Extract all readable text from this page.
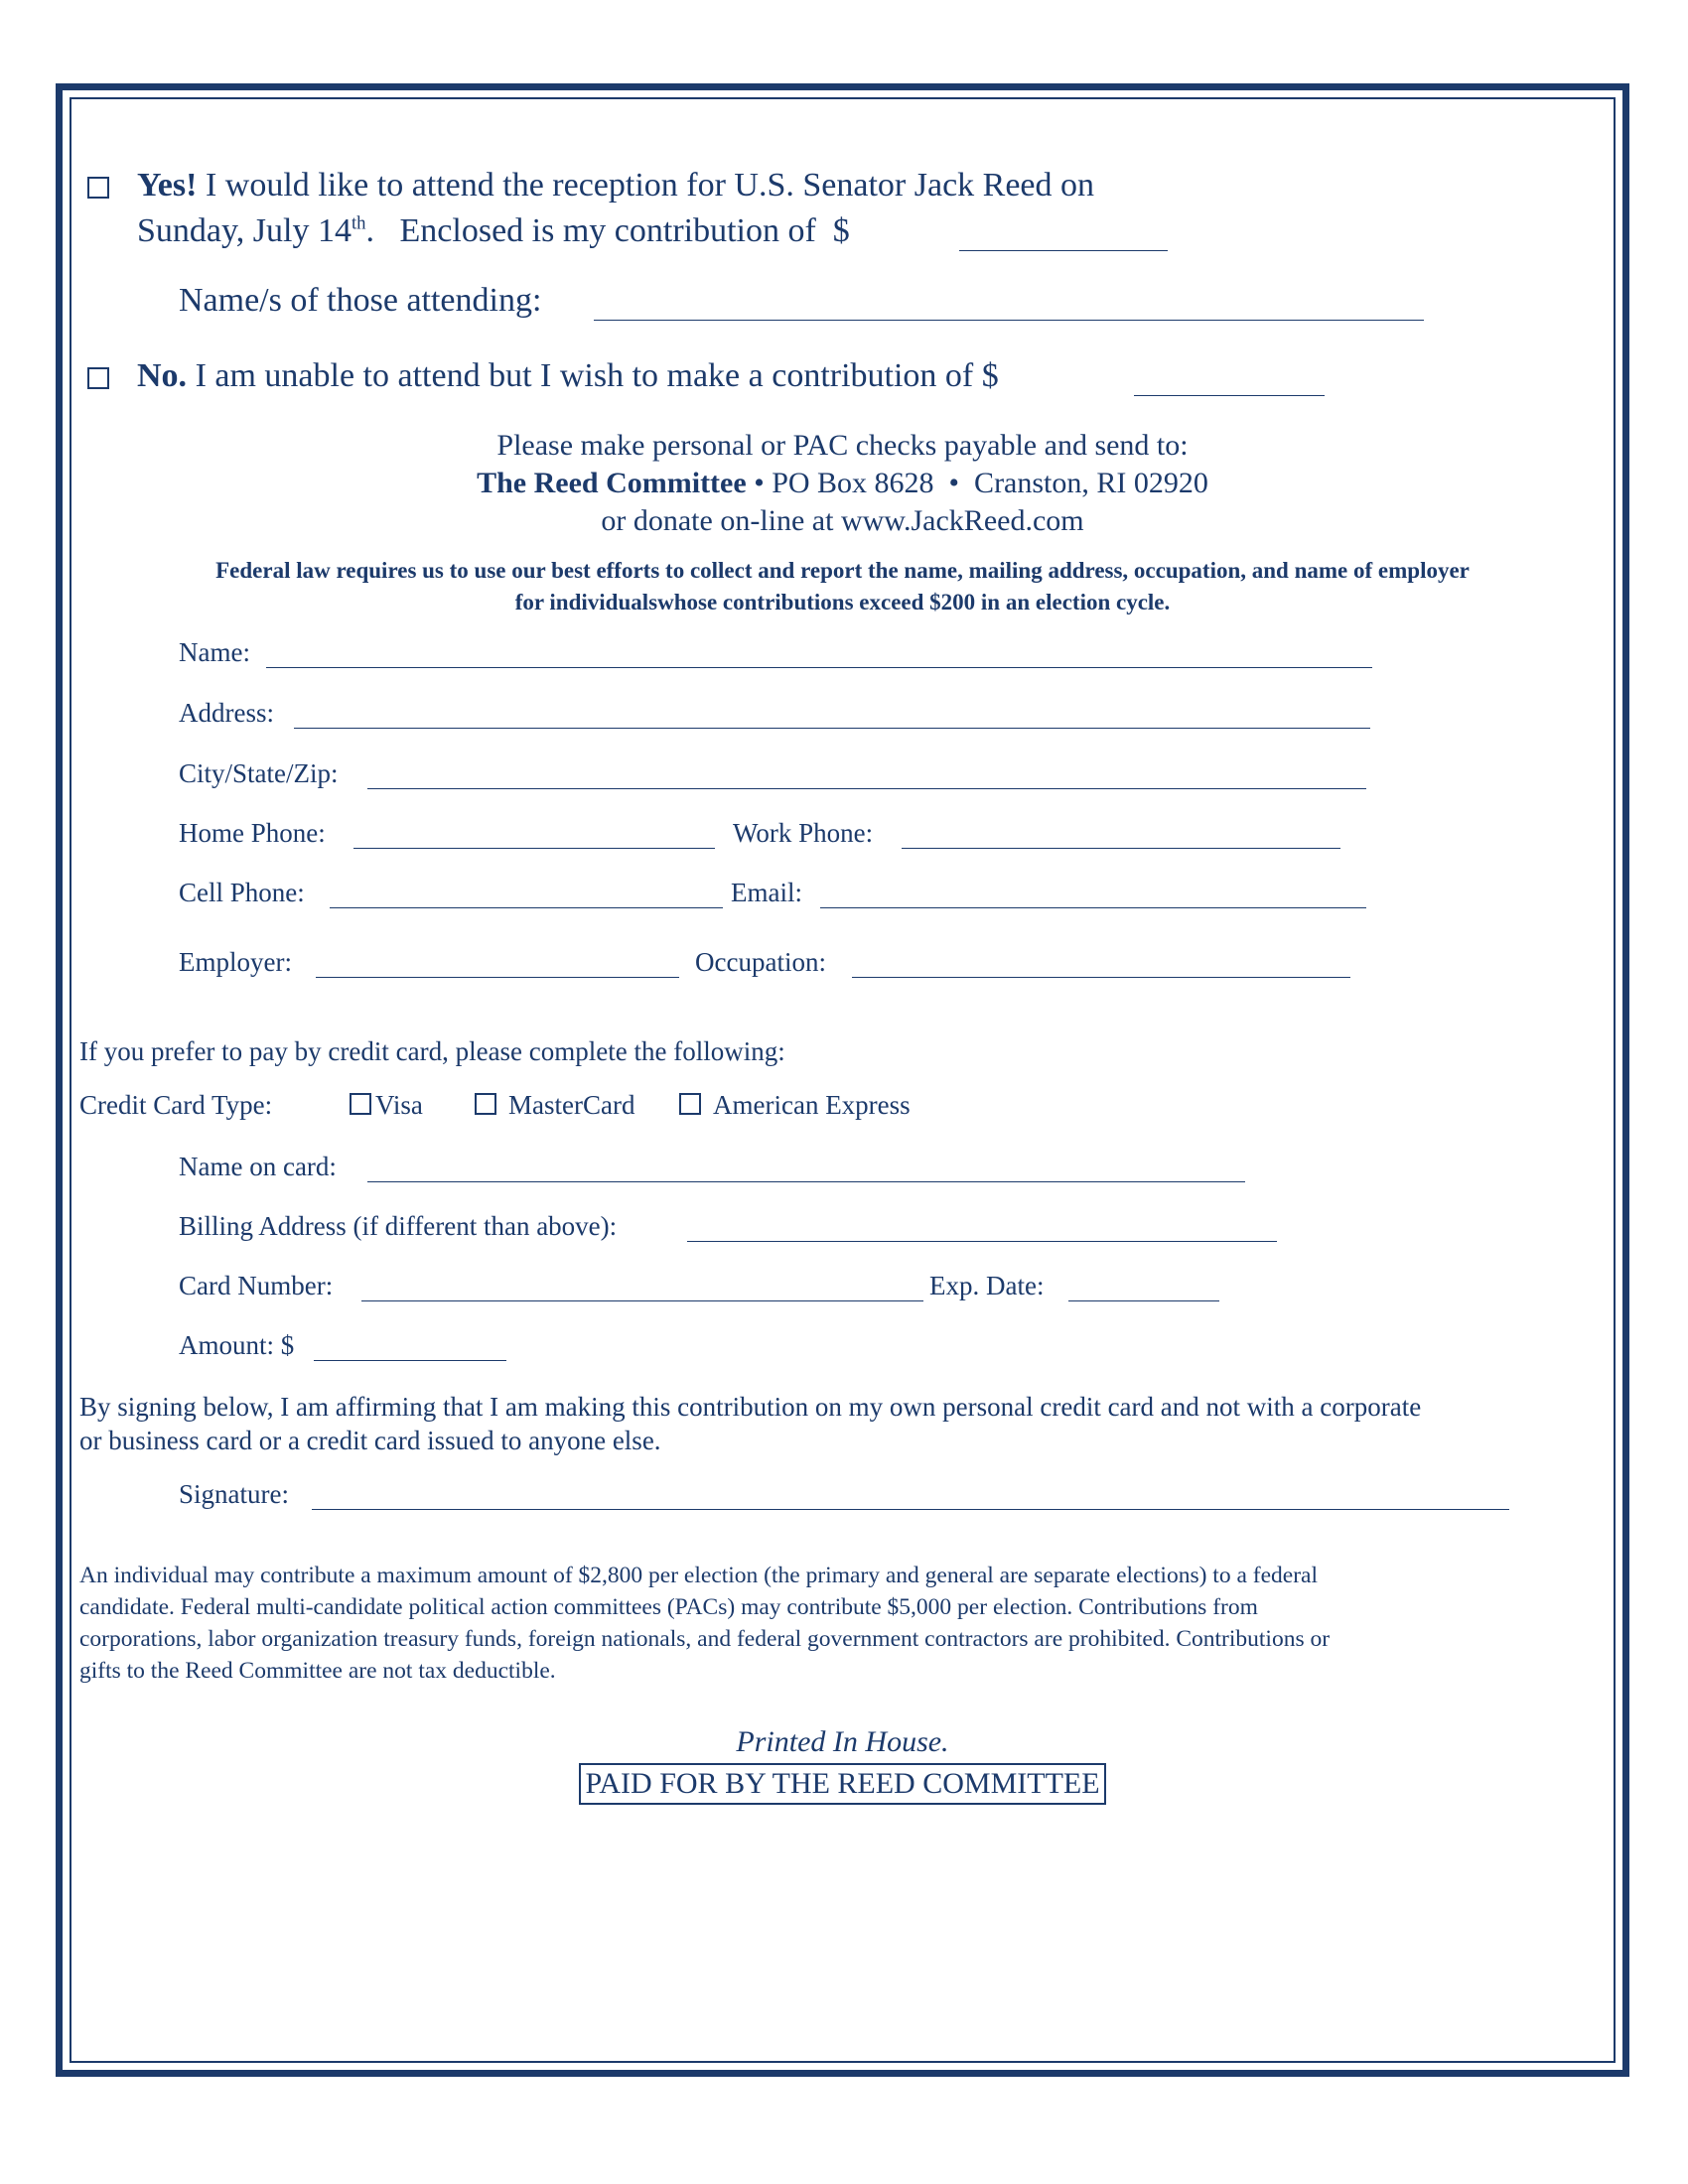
Yes! I would like to attend the reception for U.S. Senator Jack Reed on
Sunday, July 14th.   Enclosed is my contribution of  $
Name/s of those attending:
No. I am unable to attend but I wish to make a contribution of $
Please make personal or PAC checks payable and send to:
The Reed Committee • PO Box 8628  •  Cranston, RI 02920
or donate on-line at www.JackReed.com
Federal law requires us to use our best efforts to collect and report the name, mailing address, occupation, and name of employer
for individualswhose contributions exceed $200 in an election cycle.
Name:
Address:
City/State/Zip:
Home Phone:	Work Phone:
Cell Phone:	Email:
Employer:	Occupation:
If you prefer to pay by credit card, please complete the following:
Credit Card Type:	Visa	MasterCard	American Express
Name on card:
Billing Address (if different than above):
Card Number:	Exp. Date:
Amount: $
By signing below, I am affirming that I am making this contribution on my own personal credit card and not with a corporate
or business card or a credit card issued to anyone else.
Signature:
An individual may contribute a maximum amount of $2,800 per election (the primary and general are separate elections) to a federal
candidate. Federal multi-candidate political action committees (PACs) may contribute $5,000 per election. Contributions from
corporations, labor organization treasury funds, foreign nationals, and federal government contractors are prohibited. Contributions or
gifts to the Reed Committee are not tax deductible.
Printed In House.
PAID FOR BY THE REED COMMITTEE
